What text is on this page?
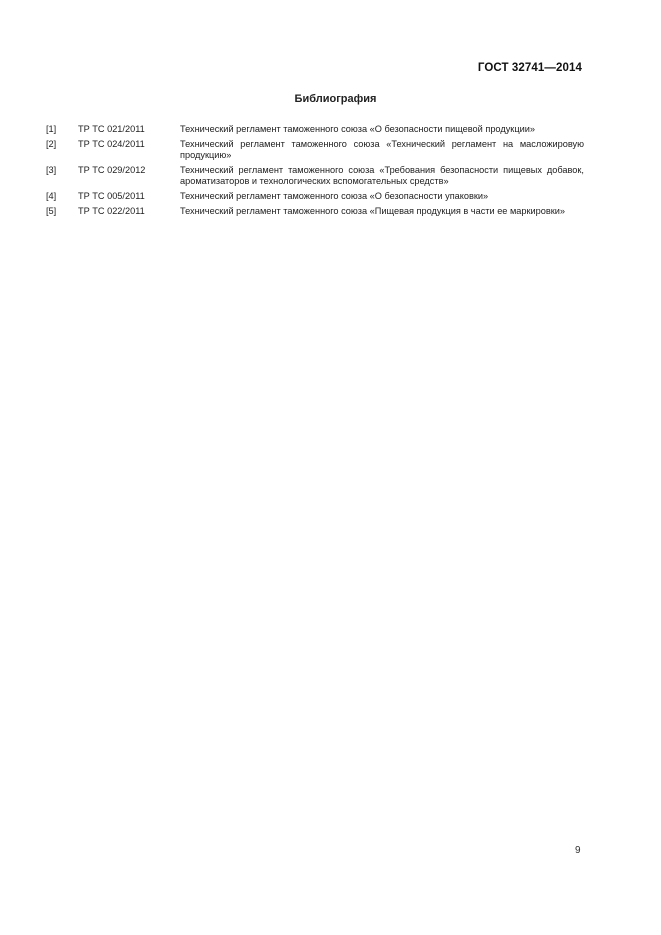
ГОСТ 32741—2014
Библиография
[1]	ТР ТС 021/2011	Технический регламент таможенного союза «О безопасности пищевой продукции»
[2]	ТР ТС 024/2011	Технический регламент таможенного союза «Технический регламент на масложировую продукцию»
[3]	ТР ТС 029/2012	Технический регламент таможенного союза «Требования безопасности пищевых добавок, ароматизаторов и технологических вспомогательных средств»
[4]	ТР ТС 005/2011	Технический регламент таможенного союза «О безопасности упаковки»
[5]	ТР ТС 022/2011	Технический регламент таможенного союза «Пищевая продукция в части ее маркировки»
9
